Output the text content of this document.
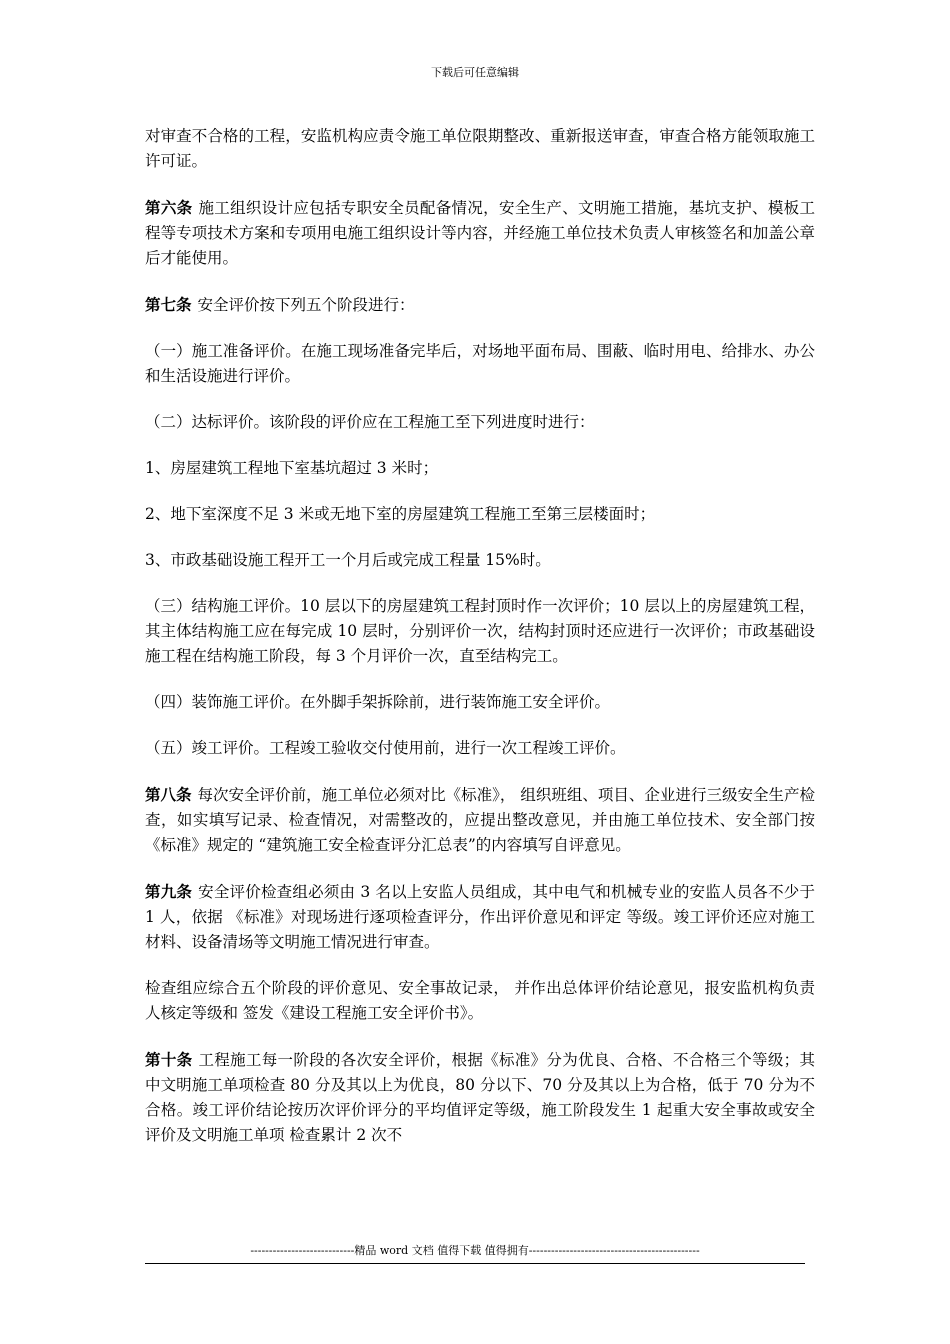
下载后可任意编辑

对审查不合格的工程，安监机构应责令施工单位限期整改、重新报送审查，审查合格方能领取施工许可证。

第六条 施工组织设计应包括专职安全员配备情况，安全生产、文明施工措施，基坑支护、模板工程等专项技术方案和专项用电施工组织设计等内容，并经施工单位技术负责人审核签名和加盖公章后才能使用。

第七条 安全评价按下列五个阶段进行：

（一）施工准备评价。在施工现场准备完毕后，对场地平面布局、围蔽、临时用电、给排水、办公和生活设施进行评价。

（二）达标评价。该阶段的评价应在工程施工至下列进度时进行：

1、房屋建筑工程地下室基坑超过 3 米时；

2、地下室深度不足 3 米或无地下室的房屋建筑工程施工至第三层楼面时；

3、市政基础设施工程开工一个月后或完成工程量 15%时。

（三）结构施工评价。10 层以下的房屋建筑工程封顶时作一次评价；10 层以上的房屋建筑工程，其主体结构施工应在每完成 10 层时，分别评价一次，结构封顶时还应进行一次评价；市政基础设施工程在结构施工阶段，每 3 个月评价一次，直至结构完工。

（四）装饰施工评价。在外脚手架拆除前，进行装饰施工安全评价。

（五）竣工评价。工程竣工验收交付使用前，进行一次工程竣工评价。

第八条 每次安全评价前，施工单位必须对比《标准》， 组织班组、项目、企业进行三级安全生产检查，如实填写记录、检查情况，对需整改的，应提出整改意见，并由施工单位技术、安全部门按《标准》规定的 “建筑施工安全检查评分汇总表”的内容填写自评意见。

第九条 安全评价检查组必须由 3 名以上安监人员组成，其中电气和机械专业的安监人员各不少于 1 人，依据 《标准》对现场进行逐项检查评分，作出评价意见和评定 等级。竣工评价还应对施工材料、设备清场等文明施工情况进行审查。

检查组应综合五个阶段的评价意见、安全事故记录， 并作出总体评价结论意见，报安监机构负责人核定等级和 签发《建设工程施工安全评价书》。

第十条 工程施工每一阶段的各次安全评价，根据《标准》分为优良、合格、不合格三个等级；其中文明施工单项检查 80 分及其以上为优良，80 分以下、70 分及其以上为合格，低于 70 分为不合格。竣工评价结论按历次评价评分的平均值评定等级，施工阶段发生 1 起重大安全事故或安全评价及文明施工单项 检查累计 2 次不

----------------------------精品 word 文档 值得下载 值得拥有----------------------------------------------
